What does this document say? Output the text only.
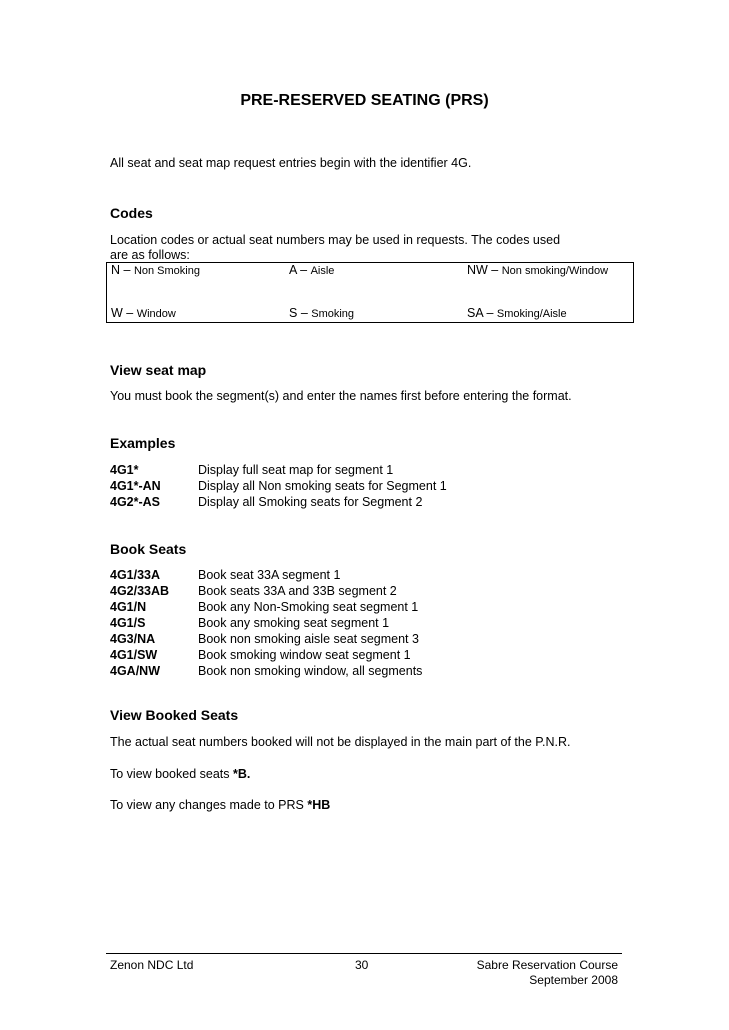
PRE-RESERVED SEATING (PRS)
All seat and seat map request entries begin with the identifier 4G.
Codes
Location codes or actual seat numbers may be used in requests. The codes used
are as follows:
N – Non Smoking	A – Aisle	NW – Non smoking/Window
W – Window	S – Smoking	SA – Smoking/Aisle
View seat map
You must book the segment(s) and enter the names first before entering the format.
Examples
4G1*	Display full seat map for segment 1
4G1*-AN	Display all Non smoking seats for Segment 1
4G2*-AS	Display all Smoking seats for Segment 2
Book Seats
4G1/33A	Book seat 33A segment 1
4G2/33AB Book seats 33A and 33B segment 2
4G1/N	Book any Non-Smoking seat segment 1
4G1/S	Book any smoking seat segment 1
4G3/NA	Book non smoking aisle seat segment 3
4G1/SW	Book smoking window seat segment 1
4GA/NW	Book non smoking window, all segments
View Booked Seats
The actual seat numbers booked will not be displayed in the main part of the P.N.R.
To view booked seats *B.
To view any changes made to PRS *HB
Zenon NDC Ltd	30	Sabre Reservation Course
September 2008
